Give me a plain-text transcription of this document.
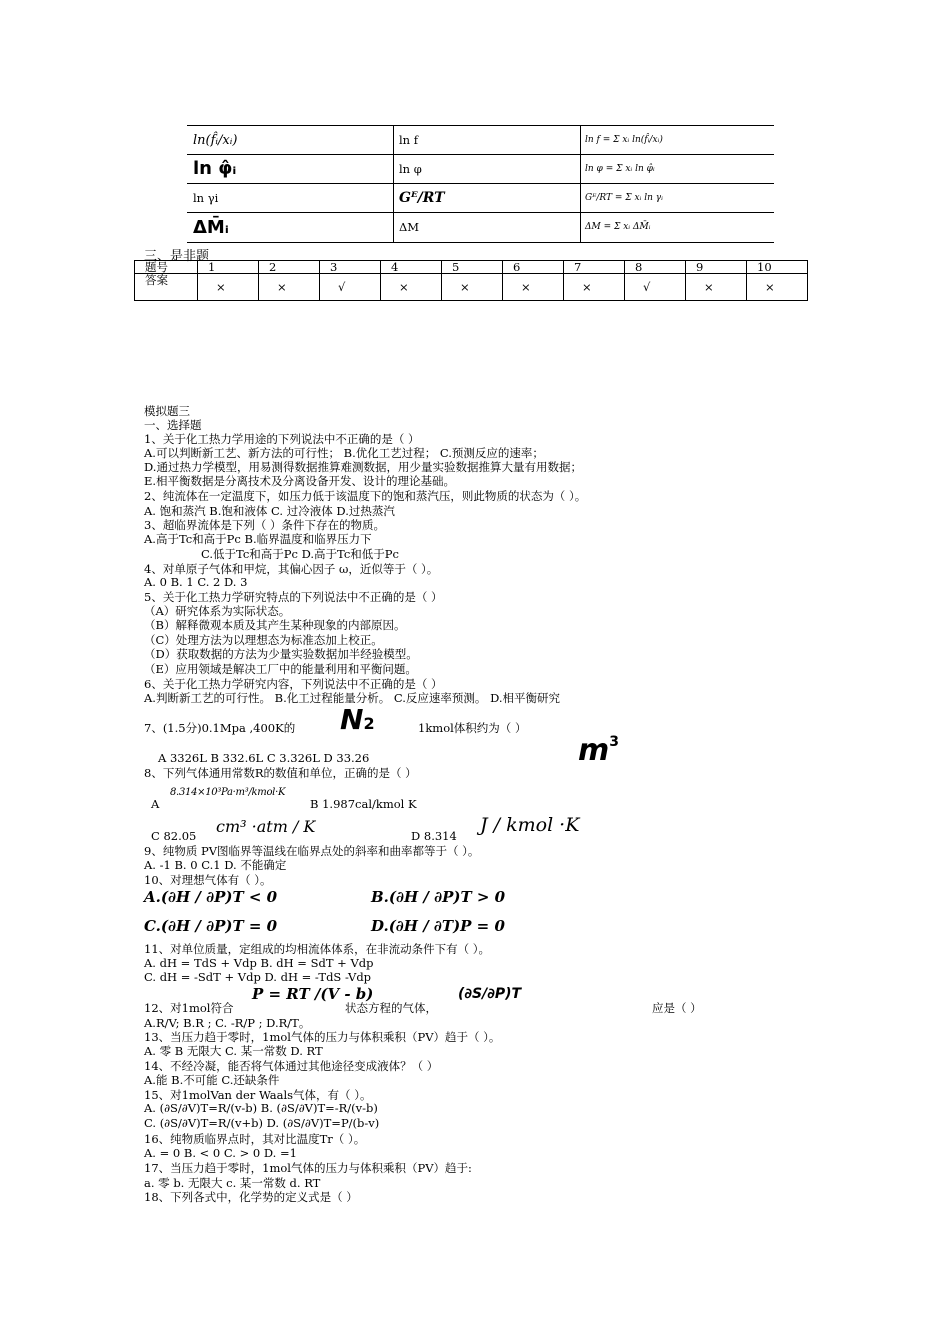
ln(f̂ᵢ/xᵢ)	ln f	ln f = Σ xᵢ ln(f̂ᵢ/xᵢ)
ln φ̂ᵢ	ln φ	ln φ = Σ xᵢ ln φ̂ᵢ
ln γi	Gᴱ/RT	Gᴱ/RT = Σ xᵢ ln γᵢ
ΔM̄ᵢ	ΔM	ΔM = Σ xᵢ ΔM̄ᵢ
三、是非题
题号	1	2	3	4	5	6	7	8	9	10
答案	×	×	√	×	×	×	×	√	×	×
模拟题三
一、选择题
1、关于化工热力学用途的下列说法中不正确的是（ ）
A.可以判断新工艺、新方法的可行性； B.优化工艺过程； C.预测反应的速率；
D.通过热力学模型，用易测得数据推算难测数据，用少量实验数据推算大量有用数据；
E.相平衡数据是分离技术及分离设备开发、设计的理论基础。
2、纯流体在一定温度下，如压力低于该温度下的饱和蒸汽压，则此物质的状态为（ ）。
A. 饱和蒸汽 B.饱和液体 C. 过冷液体 D.过热蒸汽
3、超临界流体是下列（ ）条件下存在的物质。
A.高于Tc和高于Pc B.临界温度和临界压力下
C.低于Tc和高于Pc D.高于Tc和低于Pc
4、对单原子气体和甲烷，其偏心因子 ω，近似等于（ ）。
A. 0 B. 1 C. 2 D. 3
5、关于化工热力学研究特点的下列说法中不正确的是（ ）
（A）研究体系为实际状态。
（B）解释微观本质及其产生某种现象的内部原因。
（C）处理方法为以理想态为标准态加上校正。
（D）获取数据的方法为少量实验数据加半经验模型。
（E）应用领域是解决工厂中的能量利用和平衡问题。
6、关于化工热力学研究内容，下列说法中不正确的是（ ）
A.判断新工艺的可行性。 B.化工过程能量分析。 C.反应速率预测。 D.相平衡研究
7、(1.5分)0.1Mpa ,400K的 N2	1kmol体积约为（ ）
A 3326L B 332.6L C 3.326L D 33.26	$m^3$
8、下列气体通用常数R的数值和单位，正确的是（ ）
A
8.314×10³Pa·m³/kmol·K
B 1.987cal/kmol K
C 82.05 cm³ ·atm / K	D 8.314 J / kmol ·K
9、纯物质 PV图临界等温线在临界点处的斜率和曲率都等于（ ）。
A. -1 B. 0 C.1 D. 不能确定
10、对理想气体有（ ）。
A.(∂H / ∂P)T < 0	B.(∂H / ∂P)T > 0
C.(∂H / ∂P)T = 0	D.(∂H / ∂T)P = 0
11、对单位质量，定组成的均相流体体系，在非流动条件下有（ ）。
A. dH = TdS + Vdp B. dH = SdT + Vdp
C. dH = -SdT + Vdp D. dH = -TdS -Vdp
12、对1mol符合
P = RT /(V - b)
状态方程的气体，
(∂S/∂P)T
应是（ ）
A.R/V; B.R ; C. -R/P ; D.R/T。
13、当压力趋于零时，1mol气体的压力与体积乘积（PV）趋于（ ）。
A. 零 B 无限大 C. 某一常数 D. RT
14、不经冷凝，能否将气体通过其他途径变成液体？（ ）
A.能 B.不可能 C.还缺条件
15、对1molVan der Waals气体，有（ ）。
A. (∂S/∂V)T=R/(v-b) B. (∂S/∂V)T=-R/(v-b)
C. (∂S/∂V)T=R/(v+b) D. (∂S/∂V)T=P/(b-v)
16、纯物质临界点时，其对比温度Tr（ ）。
A. = 0 B. < 0 C. > 0 D. =1
17、当压力趋于零时，1mol气体的压力与体积乘积（PV）趋于:
a. 零 b. 无限大 c. 某一常数 d. RT
18、下列各式中，化学势的定义式是（ ）
